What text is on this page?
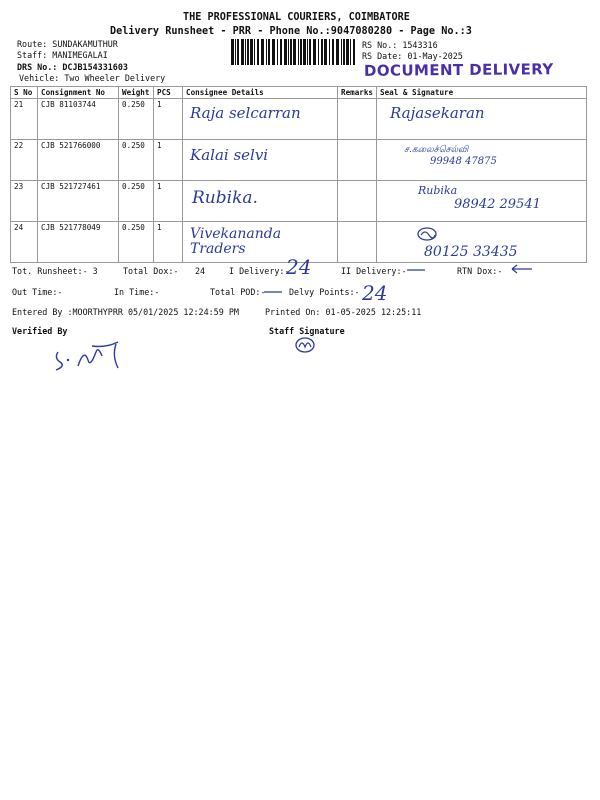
THE PROFESSIONAL COURIERS, COIMBATORE
Delivery Runsheet - PRR - Phone No.:9047080280 - Page No.:3
Route: SUNDAKAMUTHUR
Staff: MANIMEGALAI
DRS No.: DCJB154331603
Vehicle: Two Wheeler Delivery
RS No.: 1543316
RS Date: 01-May-2025
DOCUMENT DELIVERY
S No	Consignment No	Weight	PCS	Consignee Details	Remarks	Seal & Signature
21	CJB 81103744	0.250	1	Raja selcarran		Rajasekaran

22	CJB 521766000	0.250	1	Kalai selvi		ச.கலைச்செல்வி
99948 47875

23	CJB 521727461	0.250	1	Rubika.		Rubika
98942 29541

24	CJB 521778049	0.250	1	Vivekananda Traders		80125 33435
Tot. Runsheet:- 3	Total Dox:- 24	I Delivery:-
24	II Delivery:-	RTN Dox:-
Out Time:-	In Time:-	Total POD:-	Delvy Points:- 24
Entered By :MOORTHYPRR 05/01/2025 12:24:59 PM	Printed On: 01-05-2025 12:25:11
Verified By	Staff Signature
